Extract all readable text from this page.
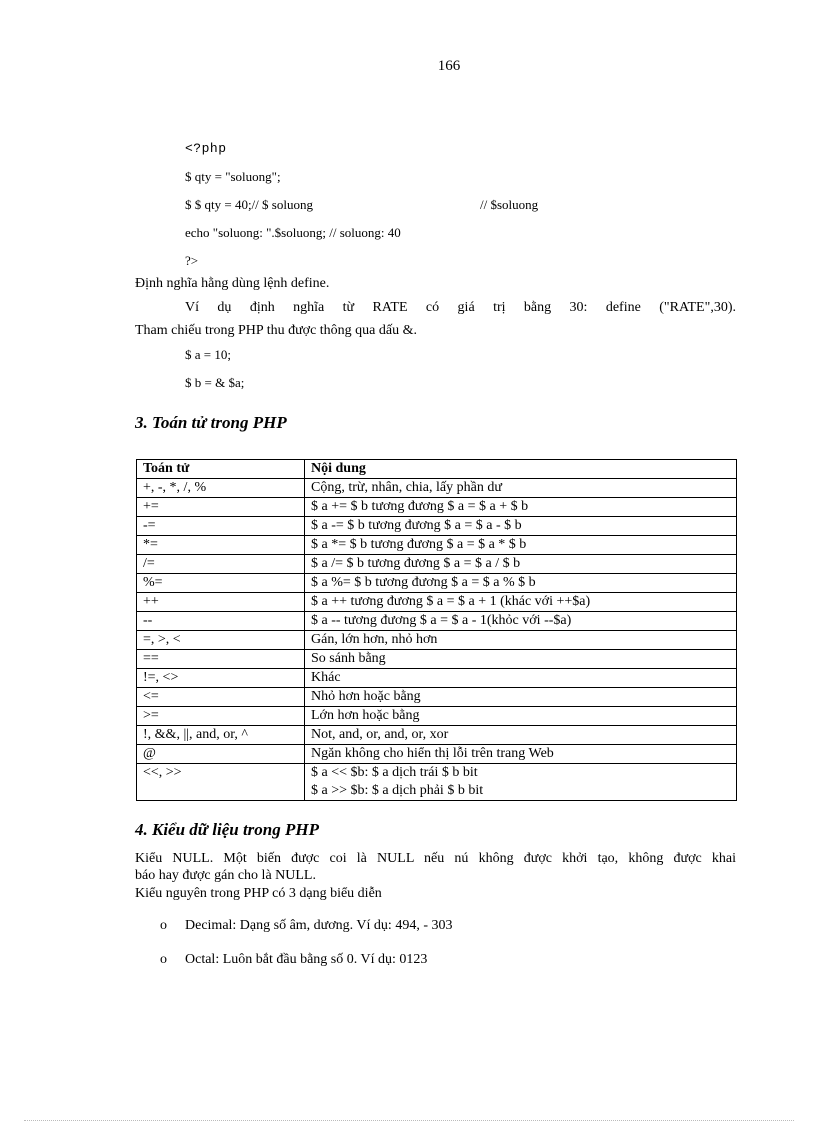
166
<?php
$ qty = "soluong";
$ $ qty = 40;// $ soluong	// $soluong
echo "soluong: ".$soluong; // soluong: 40
?>
Định nghĩa hằng dùng lệnh define.
Ví dụ định nghĩa từ RATE có giá trị bằng 30: define ("RATE",30).
Tham chiếu trong PHP thu được thông qua dấu &.
$ a = 10;
$ b = & $a;
3. Toán tử trong PHP
Toán tử	Nội dung
+, -, *, /, %	Cộng, trừ, nhân, chia, lấy phần dư
+=	$ a += $ b tương đương $ a = $ a + $ b
-=	$ a -= $ b tương đương $ a = $ a - $ b
*=	$ a *= $ b tương đương $ a = $ a * $ b
/=	$ a /= $ b tương đương $ a = $ a / $ b
%=	$ a %= $ b tương đương $ a = $ a % $ b
++	$ a ++ tương đương $ a = $ a + 1 (khác với ++$a)
--	$ a -- tương đương $ a = $ a - 1(khỏc với --$a)
=, >, <	Gán, lớn hơn, nhỏ hơn
==	So sánh bằng
!=, <>	Khác
<=	Nhỏ hơn hoặc bằng
>=	Lớn hơn hoặc bằng
!, &&, ||, and, or, ^	Not, and, or, and, or, xor
@	Ngăn không cho hiển thị lỗi trên trang Web
<<, >>	$ a << $b: $ a dịch trái $ b bit
$ a >> $b: $ a dịch phải $ b bit
4. Kiểu dữ liệu trong PHP
Kiểu NULL. Một biến được coi là NULL nếu nú không được khởi tạo, không được khai
báo hay được gán cho là NULL.
Kiểu nguyên trong PHP có 3 dạng biểu diễn
o Decimal: Dạng số âm, dương. Ví dụ: 494, - 303
o Octal: Luôn bắt đầu bằng số 0. Ví dụ: 0123
